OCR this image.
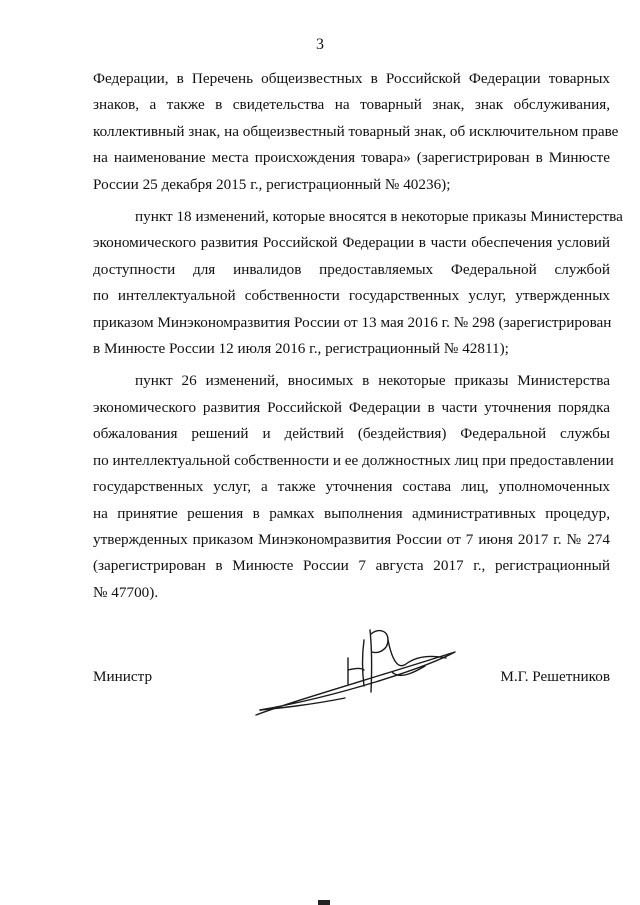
3
Федерации, в Перечень общеизвестных в Российской Федерации товарных
знаков, а также в свидетельства на товарный знак, знак обслуживания,
коллективный знак, на общеизвестный товарный знак, об исключительном праве
на наименование места происхождения товара» (зарегистрирован в Минюсте
России 25 декабря 2015 г., регистрационный № 40236);
пункт 18 изменений, которые вносятся в некоторые приказы Министерства
экономического развития Российской Федерации в части обеспечения условий
доступности для инвалидов предоставляемых Федеральной службой
по интеллектуальной собственности государственных услуг, утвержденных
приказом Минэкономразвития России от 13 мая 2016 г. № 298 (зарегистрирован
в Минюсте России 12 июля 2016 г., регистрационный № 42811);
пункт 26 изменений, вносимых в некоторые приказы Министерства
экономического развития Российской Федерации в части уточнения порядка
обжалования решений и действий (бездействия) Федеральной службы
по интеллектуальной собственности и ее должностных лиц при предоставлении
государственных услуг, а также уточнения состава лиц, уполномоченных
на принятие решения в рамках выполнения административных процедур,
утвержденных приказом Минэкономразвития России от 7 июня 2017 г. № 274
(зарегистрирован в Минюсте России 7 августа 2017 г., регистрационный
№ 47700).
Министр	М.Г. Решетников
